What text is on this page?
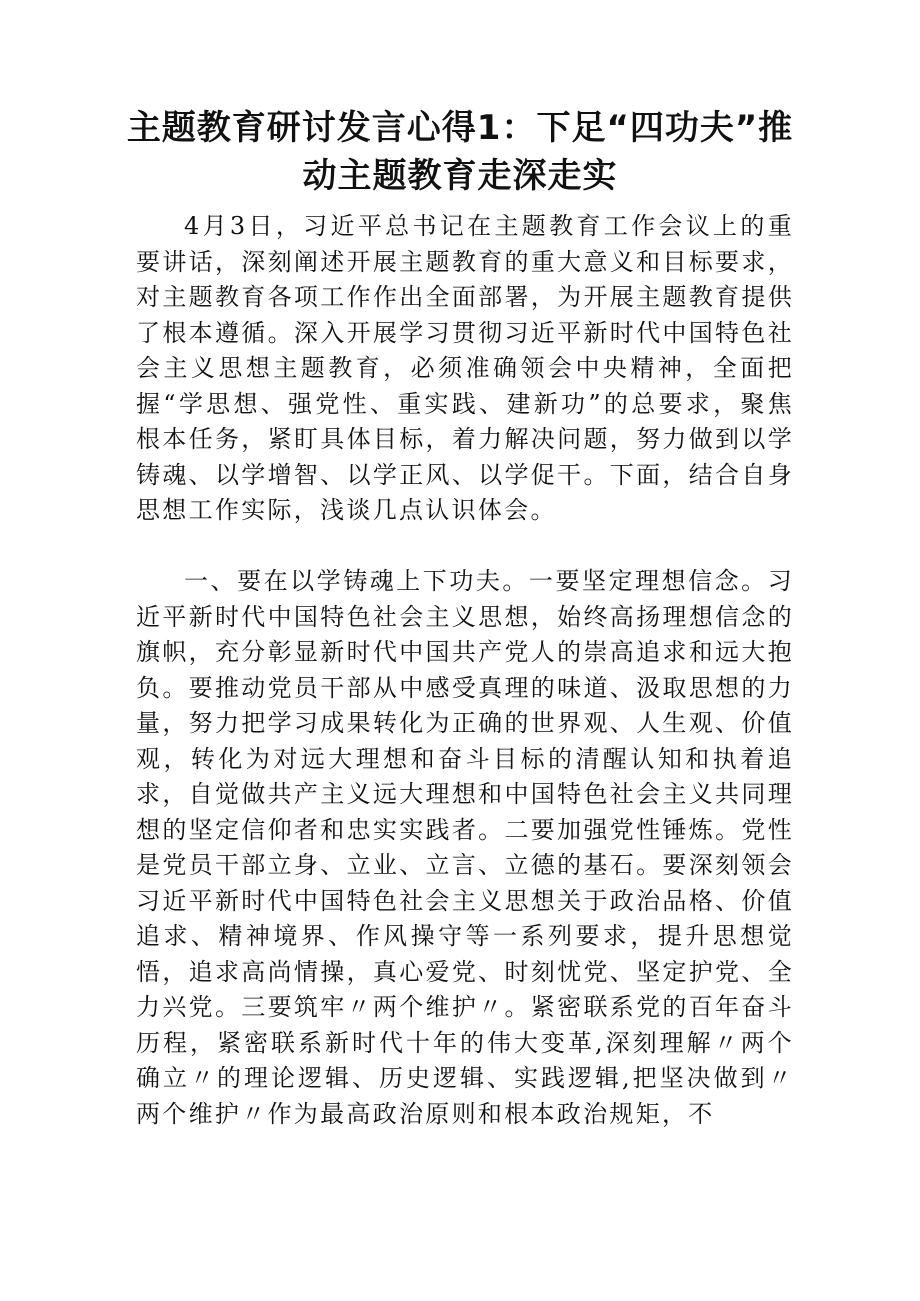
主题教育研讨发言心得1：下足“四功夫”推动主题教育走深走实

4月3日，习近平总书记在主题教育工作会议上的重要讲话，深刻阐述开展主题教育的重大意义和目标要求，对主题教育各项工作作出全面部署，为开展主题教育提供了根本遵循。深入开展学习贯彻习近平新时代中国特色社会主义思想主题教育，必须准确领会中央精神，全面把握“学思想、强党性、重实践、建新功”的总要求，聚焦根本任务，紧盯具体目标，着力解决问题，努力做到以学铸魂、以学增智、以学正风、以学促干。下面，结合自身思想工作实际，浅谈几点认识体会。

一、要在以学铸魂上下功夫。一要坚定理想信念。习近平新时代中国特色社会主义思想，始终高扬理想信念的旗帜，充分彰显新时代中国共产党人的崇高追求和远大抱负。要推动党员干部从中感受真理的味道、汲取思想的力量，努力把学习成果转化为正确的世界观、人生观、价值观，转化为对远大理想和奋斗目标的清醒认知和执着追求，自觉做共产主义远大理想和中国特色社会主义共同理想的坚定信仰者和忠实实践者。二要加强党性锤炼。党性是党员干部立身、立业、立言、立德的基石。要深刻领会习近平新时代中国特色社会主义思想关于政治品格、价值追求、精神境界、作风操守等一系列要求，提升思想觉悟，追求高尚情操，真心爱党、时刻忧党、坚定护党、全力兴党。三要筑牢〃两个维护〃。紧密联系党的百年奋斗历程，紧密联系新时代十年的伟大变革,深刻理解〃两个确立〃的理论逻辑、历史逻辑、实践逻辑,把坚决做到〃两个维护〃作为最高政治原则和根本政治规矩，不
